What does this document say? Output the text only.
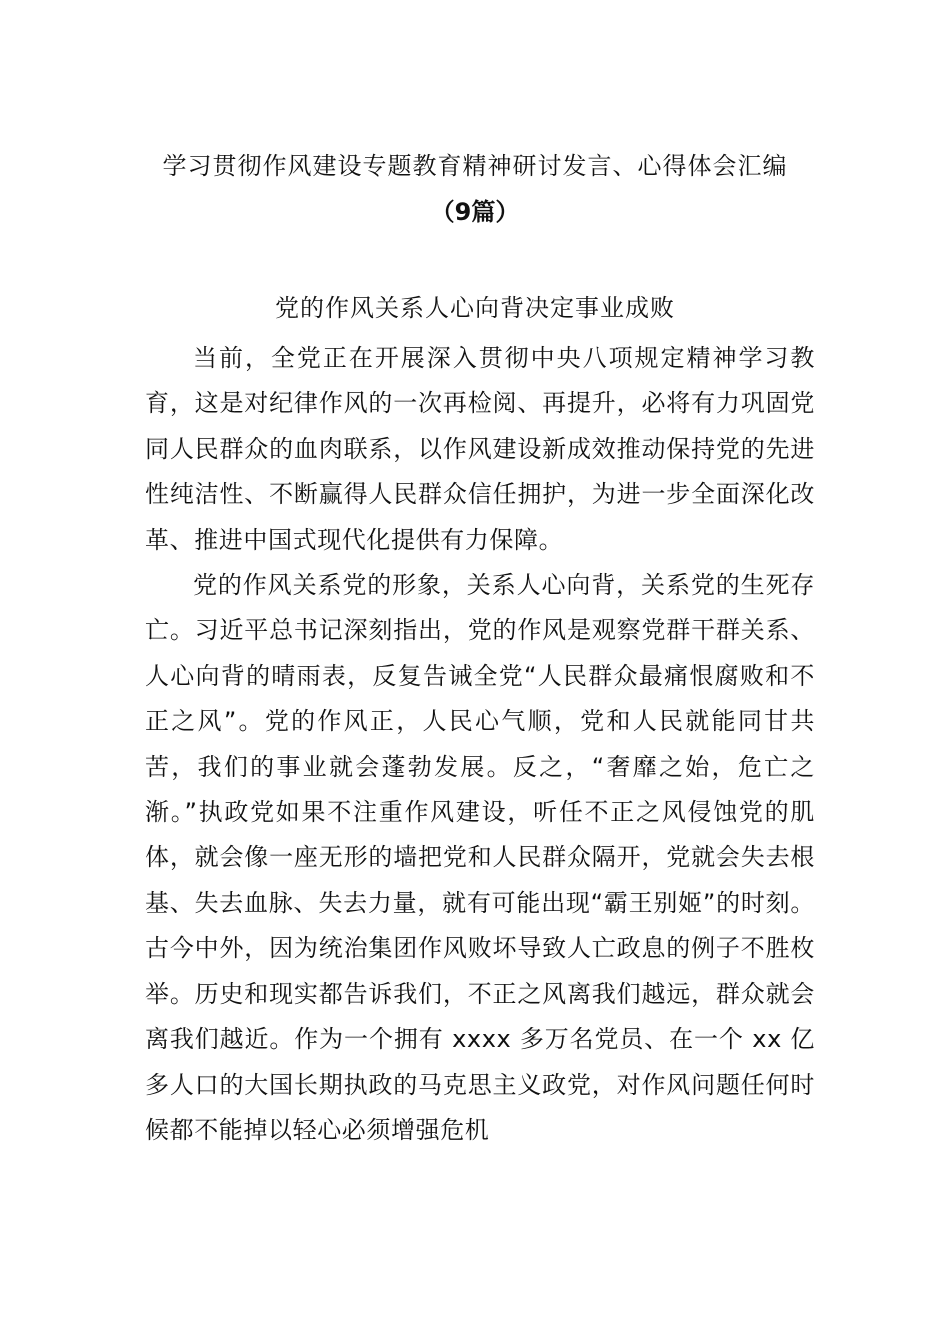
学习贯彻作风建设专题教育精神研讨发言、心得体会汇编
（9篇）
党的作风关系人心向背决定事业成败

当前，全党正在开展深入贯彻中央八项规定精神学习教育，这是对纪律作风的一次再检阅、再提升，必将有力巩固党同人民群众的血肉联系，以作风建设新成效推动保持党的先进性纯洁性、不断赢得人民群众信任拥护，为进一步全面深化改革、推进中国式现代化提供有力保障。

党的作风关系党的形象，关系人心向背，关系党的生死存亡。习近平总书记深刻指出，党的作风是观察党群干群关系、人心向背的晴雨表，反复告诫全党“人民群众最痛恨腐败和不正之风”。党的作风正，人民心气顺，党和人民就能同甘共苦，我们的事业就会蓬勃发展。反之，“奢靡之始，危亡之渐。”执政党如果不注重作风建设，听任不正之风侵蚀党的肌体，就会像一座无形的墙把党和人民群众隔开，党就会失去根基、失去血脉、失去力量，就有可能出现“霸王别姬”的时刻。古今中外，因为统治集团作风败坏导致人亡政息的例子不胜枚举。历史和现实都告诉我们，不正之风离我们越远，群众就会离我们越近。作为一个拥有 xxxx 多万名党员、在一个 xx 亿多人口的大国长期执政的马克思主义政党，对作风问题任何时候都不能掉以轻心必须增强危机
